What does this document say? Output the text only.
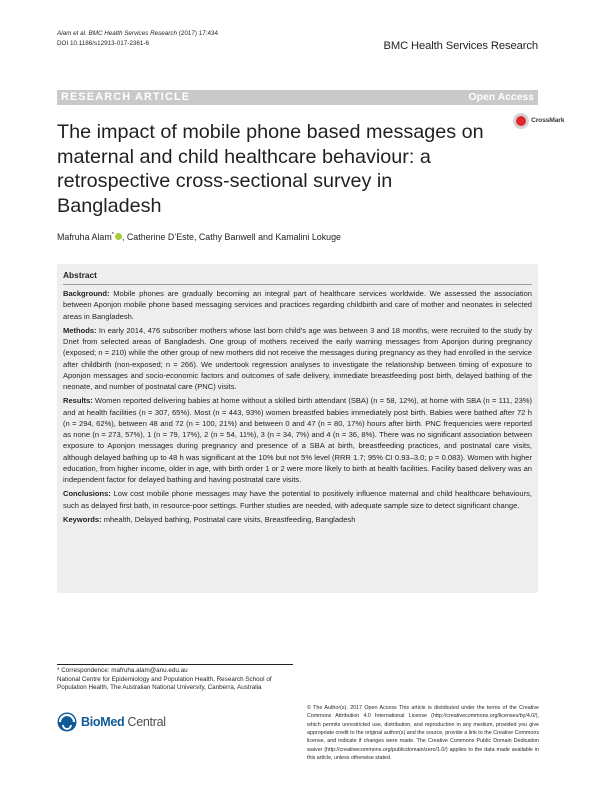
Alam et al. BMC Health Services Research (2017) 17:434
DOI 10.1186/s12913-017-2361-6	BMC Health Services Research
RESEARCH ARTICLE	Open Access
The impact of mobile phone based messages on maternal and child healthcare behaviour: a retrospective cross-sectional survey in Bangladesh
CrossMark
Mafruha Alam* , Catherine D’Este, Cathy Banwell and Kamalini Lokuge
Abstract

Background: Mobile phones are gradually becoming an integral part of healthcare services worldwide. We assessed the association between Aponjon mobile phone based messaging services and practices regarding childbirth and care of mother and neonates in selected areas in Bangladesh.

Methods: In early 2014, 476 subscriber mothers whose last born child’s age was between 3 and 18 months, were recruited to the study by Dnet from selected areas of Bangladesh. One group of mothers received the early warning messages from Aponjon during pregnancy (exposed; n = 210) while the other group of new mothers did not receive the messages during pregnancy as they had enrolled in the service after childbirth (non-exposed; n = 266). We undertook regression analyses to investigate the relationship between timing of exposure to Aponjon messages and socio-economic factors and outcomes of safe delivery, immediate breastfeeding post birth, delayed bathing of the neonate, and number of postnatal care (PNC) visits.

Results: Women reported delivering babies at home without a skilled birth attendant (SBA) (n = 58, 12%), at home with SBA (n = 111, 23%) and at health facilities (n = 307, 65%). Most (n = 443, 93%) women breastfed babies immediately post birth. Babies were bathed after 72 h (n = 294, 62%), between 48 and 72 (n = 100, 21%) and between 0 and 47 (n = 80, 17%) hours after birth. PNC frequencies were reported as none (n = 273, 57%), 1 (n = 79, 17%), 2 (n = 54, 11%), 3 (n = 34, 7%) and 4 (n = 36, 8%). There was no significant association between exposure to Aponjon messages during pregnancy and presence of a SBA at birth, breastfeeding practices, and postnatal care visits, although delayed bathing up to 48 h was significant at the 10% but not 5% level (RRR 1.7; 95% CI 0.93–3.0; p = 0.083). Women with higher education, from higher income, older in age, with birth order 1 or 2 were more likely to birth at health facilities. Facility based delivery was an independent factor for delayed bathing and having postnatal care visits.

Conclusions: Low cost mobile phone messages may have the potential to positively influence maternal and child healthcare behaviours, such as delayed first bath, in resource-poor settings. Further studies are needed, with adequate sample size to detect significant change.

Keywords: mhealth, Delayed bathing, Postnatal care visits, Breastfeeding, Bangladesh

* Correspondence: mafruha.alam@anu.edu.au
National Centre for Epidemiology and Population Health, Research School of Population Health, The Australian National University, Canberra, Australia
BioMed Central
© The Author(s). 2017 Open Access This article is distributed under the terms of the Creative Commons Attribution 4.0 International License (http://creativecommons.org/licenses/by/4.0/), which permits unrestricted use, distribution, and reproduction in any medium, provided you give appropriate credit to the original author(s) and the source, provide a link to the Creative Commons license, and indicate if changes were made. The Creative Commons Public Domain Dedication waiver (http://creativecommons.org/publicdomain/zero/1.0/) applies to the data made available in this article, unless otherwise stated.
